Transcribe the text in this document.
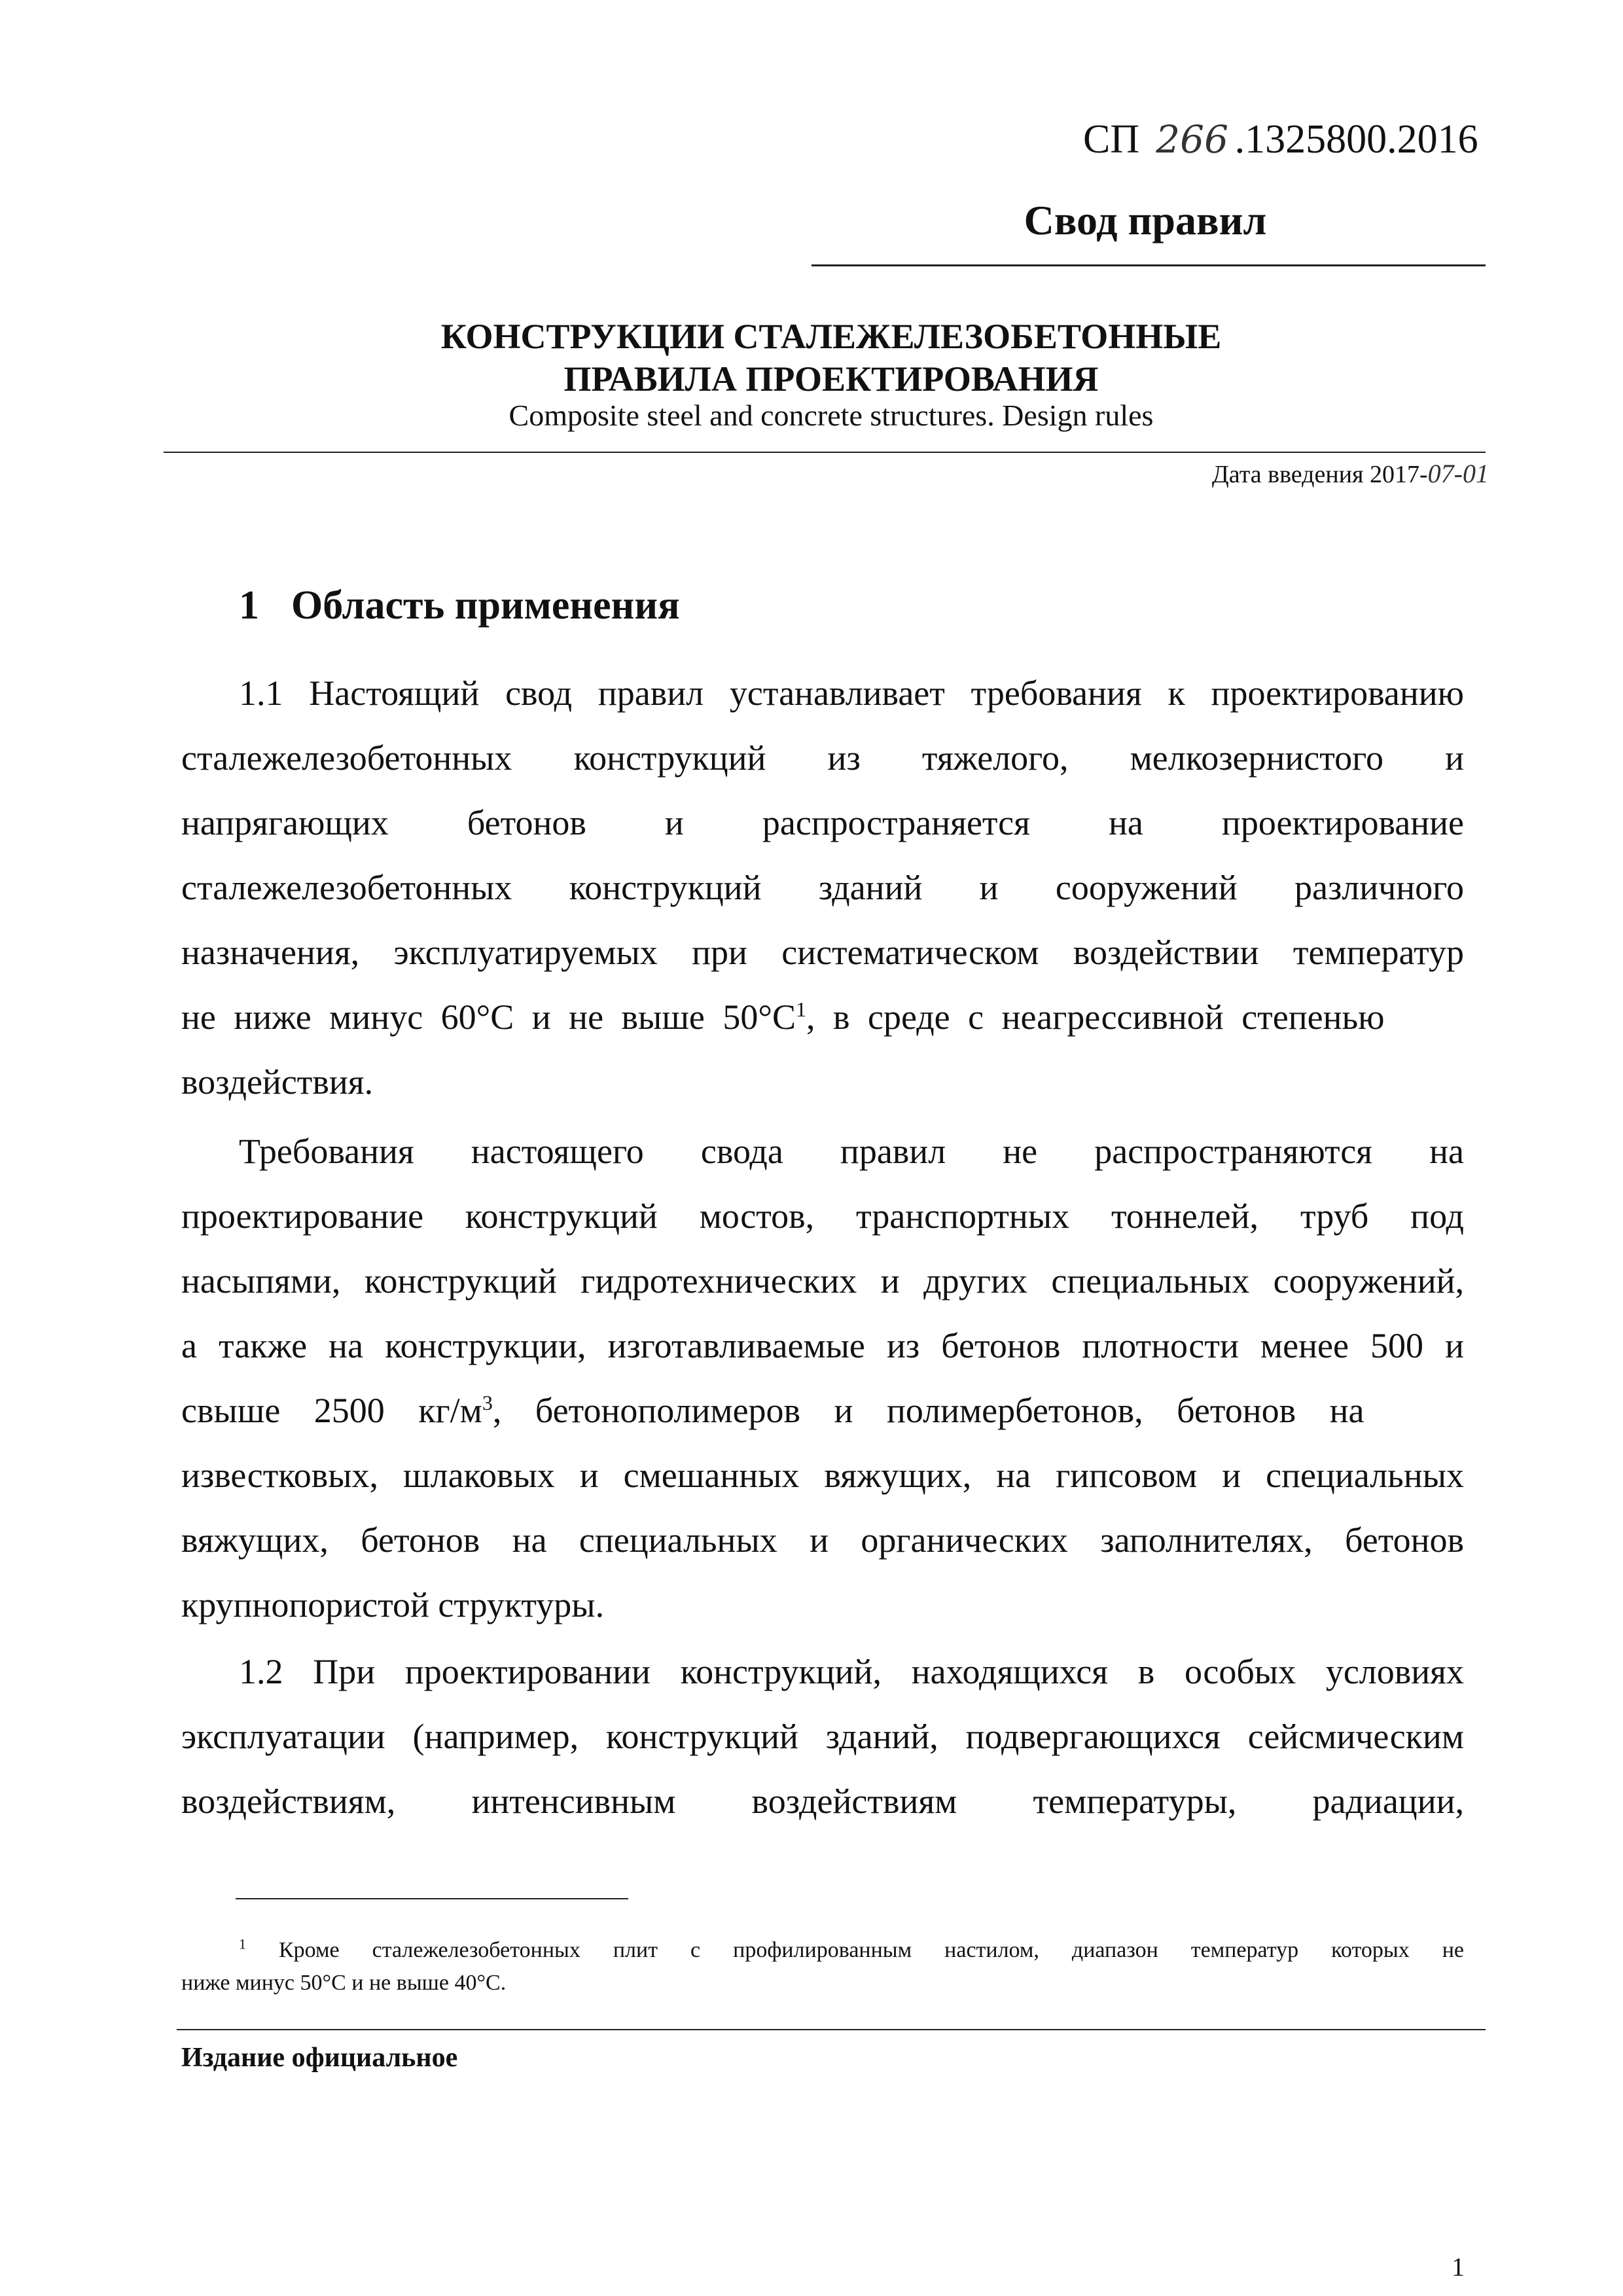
СП 266 .1325800.2016
Свод правил
КОНСТРУКЦИИ СТАЛЕЖЕЛЕЗОБЕТОННЫЕ
ПРАВИЛА ПРОЕКТИРОВАНИЯ
Composite steel and concrete structures. Design rules
Дата введения 2017-07-01
1 Область применения
1.1 Настоящий свод правил устанавливает требования к проектированию
сталежелезобетонных конструкций из тяжелого, мелкозернистого и
напрягающих бетонов и распространяется на проектирование
сталежелезобетонных конструкций зданий и сооружений различного
назначения, эксплуатируемых при систематическом воздействии температур
не ниже минус 60°С и не выше $50^\circ С^1$, в среде с неагрессивной степенью
воздействия.
Требования настоящего свода правил не распространяются на
проектирование конструкций мостов, транспортных тоннелей, труб под
насыпями, конструкций гидротехнических и других специальных сооружений,
а также на конструкции, изготавливаемые из бетонов плотности менее 500 и
свыше 2500 $кг/м^3$, бетонополимеров и полимербетонов, бетонов на
известковых, шлаковых и смешанных вяжущих, на гипсовом и специальных
вяжущих, бетонов на специальных и органических заполнителях, бетонов
крупнопористой структуры.
1.2 При проектировании конструкций, находящихся в особых условиях
эксплуатации (например, конструкций зданий, подвергающихся сейсмическим
воздействиям, интенсивным воздействиям температуры, радиации,
$^1$ Кроме сталежелезобетонных плит с профилированным настилом, диапазон температур которых не
ниже минус 50°С и не выше 40°С.
Издание официальное
1
